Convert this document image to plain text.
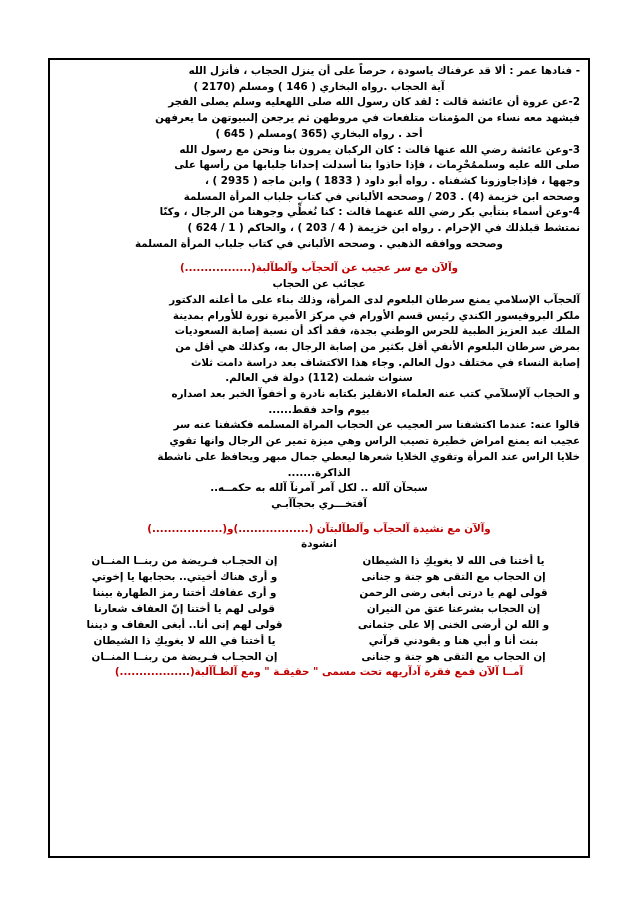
- فنادها عمر : ألا قد عرفناك ياسودة ، حرصاً على أن ينزل الحجاب ، فأنزل الله

آية الحجاب .رواه البخاري ( 146 ) ومسلم (2170 )

2-عن عروة أن عائشة قالت : لقد كان رسول الله صلى اللهعليه وسلم يصلى الفجر

فيشهد معه نساء من المؤمنات متلفعات في مروطهن ثم يرجعن إلىبيوتهن ما يعرفهن

أحد . رواه البخاري (365 )ومسلم ( 645 )

3-وعن عائشة رضي الله عنها قالت : كان الركبان يمرون بنا ونحن مع رسول الله

صلى الله عليه وسلممُحْرِمات ، فإذا حاذوا بنا أسدلت إحدانا جلبابها من رأسها على

وجهها ، فإذاجاوزونا كشفناه . رواه أبو داود ( 1833 ) وابن ماجه ( 2935 ) ،

وصححه ابن خزيمة (4) . 203 / وصححه الألباني في كتاب جلباب المرأة المسلمة

4-وعن أسماء بنتأبي بكر رضي الله عنهما قالت : كنا نُغطِّي وجوهنا من الرجال ، وكنّا

نمتشط قبلذلك في الإحرام . رواه ابن خزيمة ( 4 / 203 ) ، والحاكم ( 1 / 624 )

وصححه ووافقه الذهبي . وصححه الألباني في كتاب جلباب المرأة المسلمة

وآلآن مع سر عجيب عن آلحجآب وآلطآلبة(.................)

عجائب عن الحجاب

آلحجآب الإسلامي يمنع سرطان البلعوم لدى المرأة، وذلك بناء على ما أعلنه الدكتور

ملكر البروفيسور الكندي رئيس قسم الأورام في مركز الأميرة نورة للأورام بمدينة

الملك عبد العزيز الطبية للحرس الوطني بجدة، فقد أكد أن نسبة إصابة السعوديات

بمرض سرطان البلعوم الأنفي أقل بكثير من إصابة الرجال به، وكذلك هي أقل من

إصابة النساء في مختلف دول العالم. وجاء هذا الاكتشاف بعد دراسة دامت ثلاث

سنوات شملت (112) دولة في العالم.

و الحجاب آلإسلآمي كتب عنه العلماء الانقليز بكتابه نادرة و أخفوآ الخبر بعد اصداره

بيوم واحد فقط......

قالوا عنه: عندما اكتشفنا سر العجيب عن الحجاب المراة المسلمه فكشفنا عنه سر

عجيب انه يمنع امراض خطيرة تصيب الراس وهي ميزة تمير عن الرجال وانها تقوي

خلايا الراس عند المرأة وتقوي الخلايا شعرها ليعطي جمال مبهر ويحافظ على ناشطة

الذاكرة.......

سبحآن آلله .. لكل آمر آمرنآ آلله به حكمــه..

آفتخـــري بحجآآبـي

وآلآن مع نشيدة آلحجآب وآلطآلبتآن (..................)و(..................)

انشودة

يا أختنا فى الله لا يغويكِ ذا الشيطان
إن الحجـاب فـريضة من ربنــا المنــان
إن الحجاب مع التقى هو جنة و جنانى
و أرى هناك أخيتي.. بحجابها يا إخوتي
قولى لهم يا درتى أبغى رضى الرحمن
و أرى عفافك أختنا رمز الطهارة بيننا
إن الحجاب بشرعنا عتق من النيران
قولى لهم يا أختنا إنّ العفاف شعارنا
و الله لن أرضى الخنى إلا على جثمانى
قولى لهم إنى أنا.. أبغى العفاف و ديننا
بنت أنا و أبي هنا و يقودني قرآني
يا أختنا في الله لا يغويكِ ذا الشيطان
إن الحجاب مع التقى هو جنة و جنانى
إن الحجـاب فـريضة من ربنــا المنــان

آمــا آلآن فمع فقرة آدآريهه تحت مسمى " حقيقـة " ومع آلطـآآلبة(..................)
